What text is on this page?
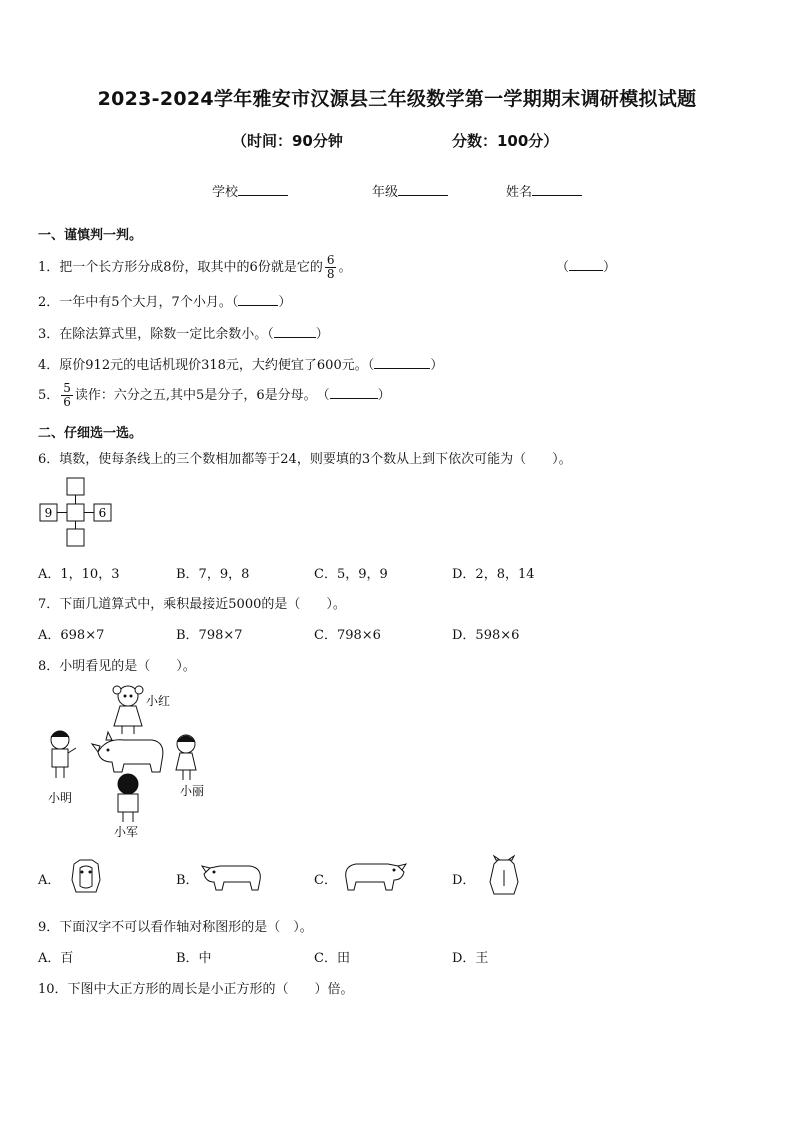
2023-2024学年雅安市汉源县三年级数学第一学期期末调研模拟试题
（时间：90分钟	分数：100分）
学校	年级	姓名
一、谨慎判一判。
1．把一个长方形分成8份，取其中的6份就是它的 $\frac{6}{8}$ 。	（	）
2．一年中有5个大月，7个小月。（	）
3．在除法算式里，除数一定比余数小。（	）
4．原价912元的电话机现价318元，大约便宜了600元。（	）
5． $\frac{5}{6}$ 读作：六分之五,其中5是分子，6是分母。　（	）
二、仔细选一选。
6．填数，使每条线上的三个数相加都等于24，则要填的3个数从上到下依次可能为（　　）。
9	6
A．1，10，3	B．7，9，8	C．5，9，9	D．2，8，14
7．下面几道算式中，乘积最接近5000的是（　　）。
A．698×7	B．798×7	C．798×6	D．598×6
8．小明看见的是（　　）。
小红
小明	小丽
小军
A．	B．	C．	D．
9．下面汉字不可以看作轴对称图形的是（　）。
A．百	B．中	C．田	D．王
10．下图中大正方形的周长是小正方形的（　　）倍。
